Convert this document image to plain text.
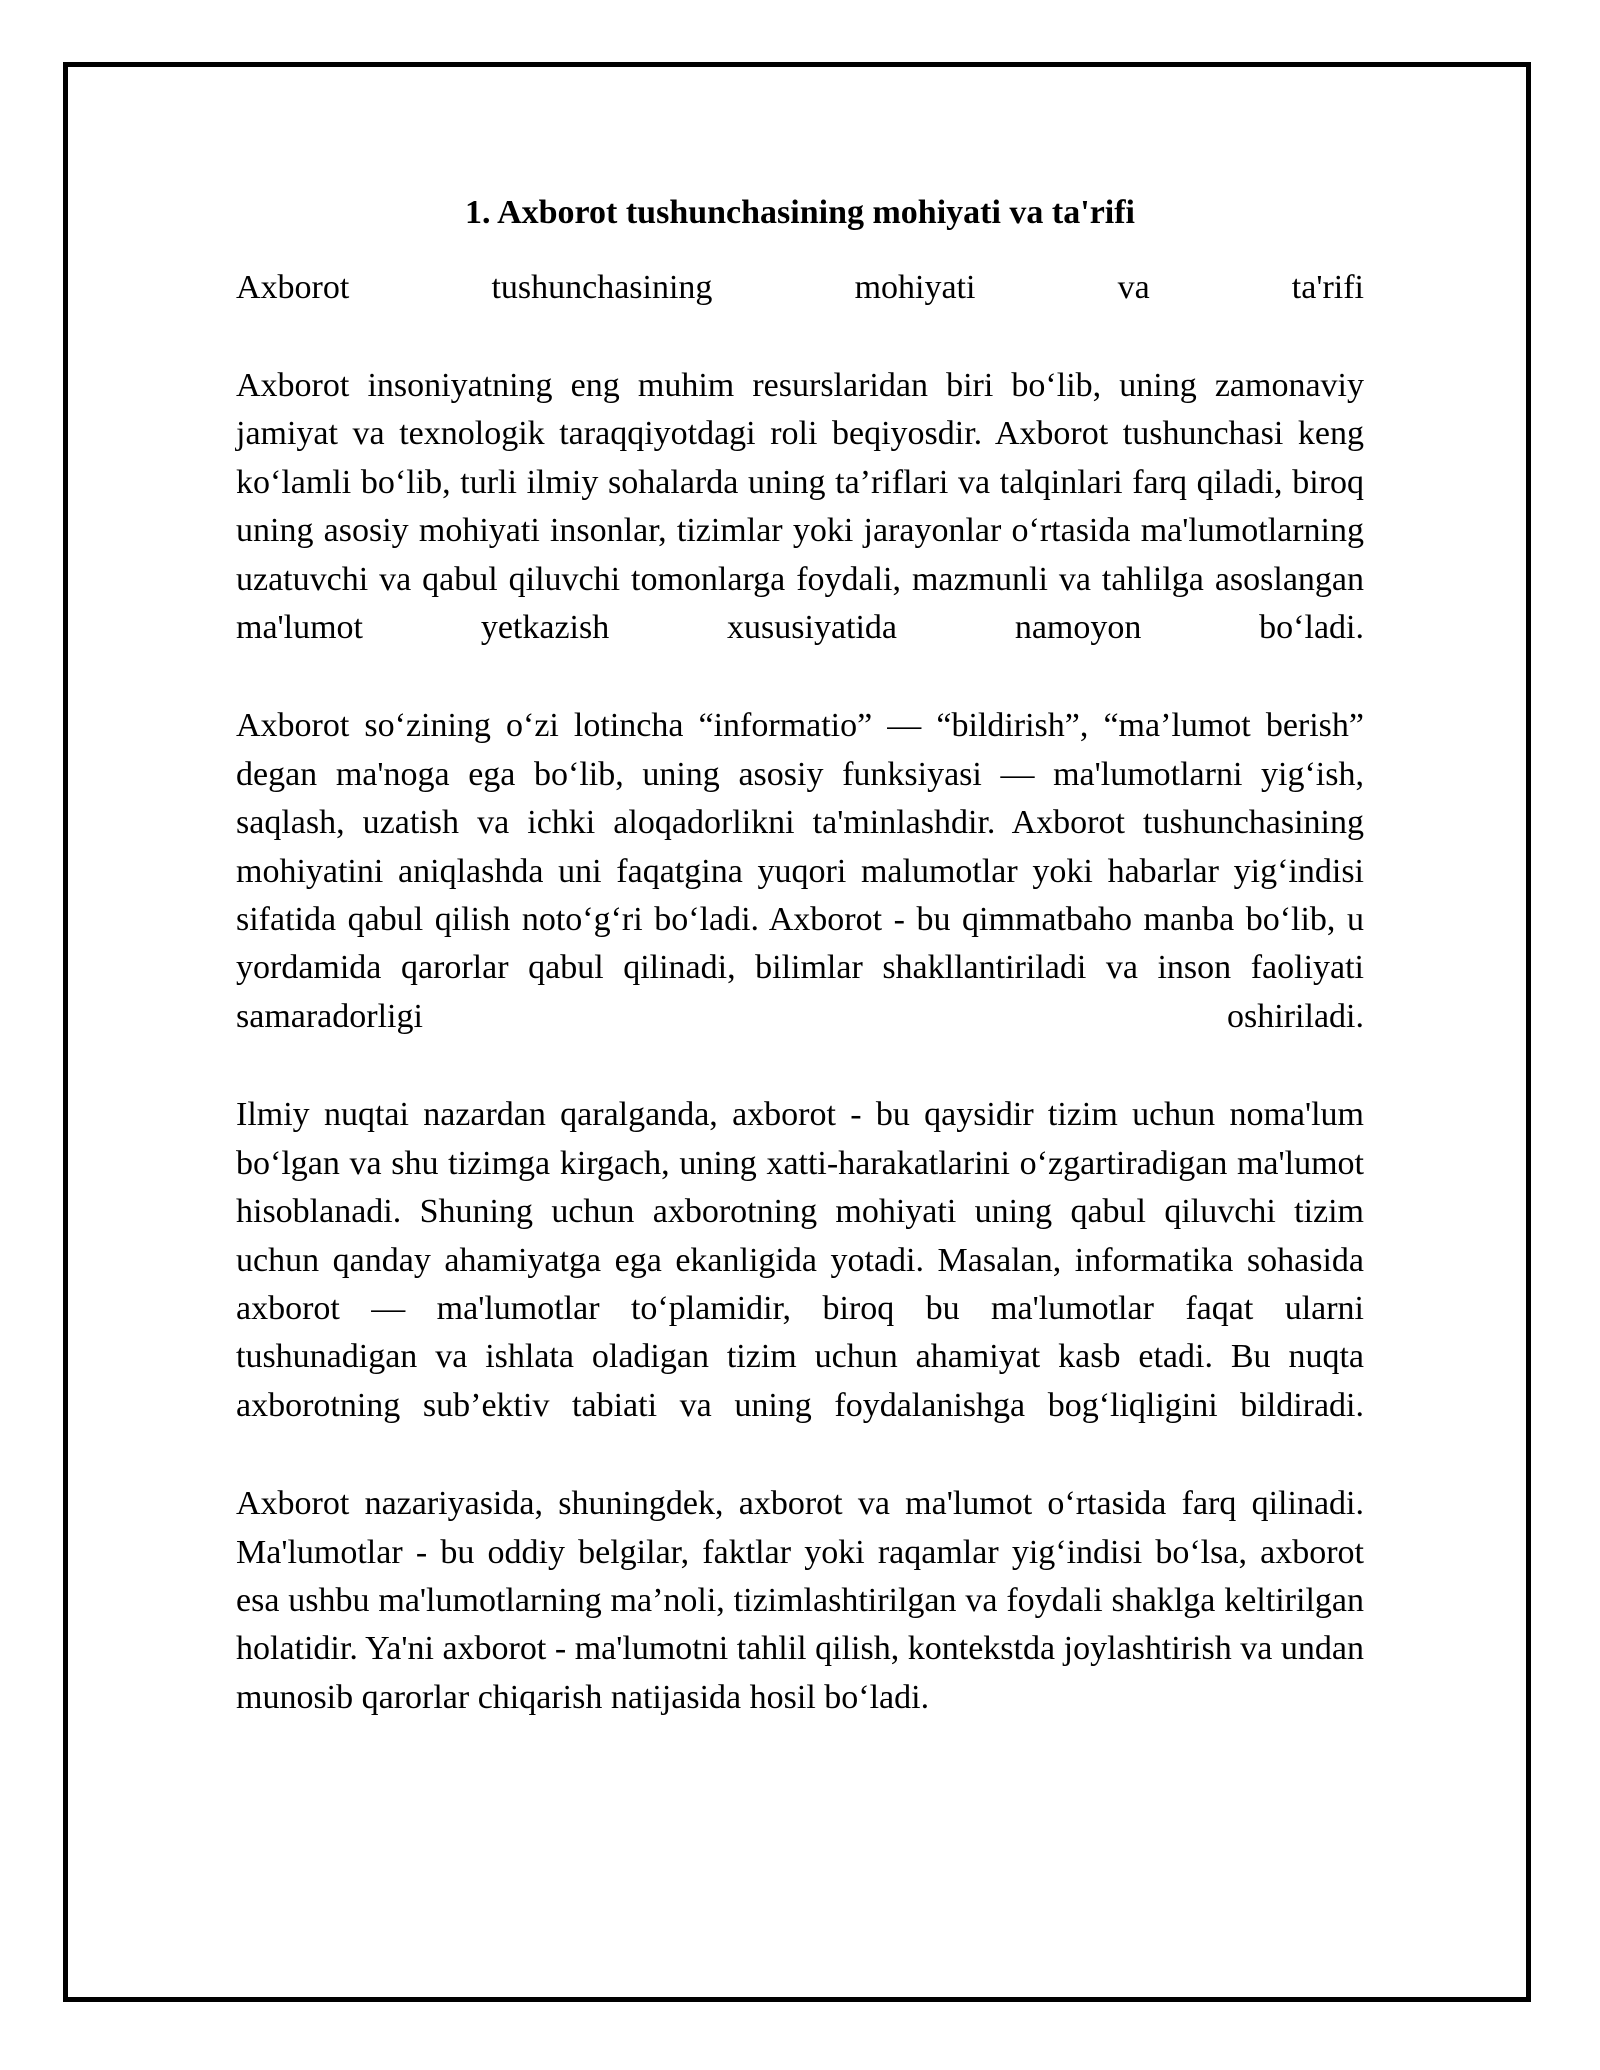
1. Axborot tushunchasining mohiyati va ta'rifi

Axborot tushunchasining mohiyati va ta'rifi

Axborot insoniyatning eng muhim resurslaridan biri bo‘lib, uning zamonaviy jamiyat va texnologik taraqqiyotdagi roli beqiyosdir. Axborot tushunchasi keng ko‘lamli bo‘lib, turli ilmiy sohalarda uning ta’riflari va talqinlari farq qiladi, biroq uning asosiy mohiyati insonlar, tizimlar yoki jarayonlar o‘rtasida ma'lumotlarning uzatuvchi va qabul qiluvchi tomonlarga foydali, mazmunli va tahlilga asoslangan ma'lumot yetkazish xususiyatida namoyon bo‘ladi.

Axborot so‘zining o‘zi lotincha “informatio” — “bildirish”, “ma’lumot berish” degan ma'noga ega bo‘lib, uning asosiy funksiyasi — ma'lumotlarni yig‘ish, saqlash, uzatish va ichki aloqadorlikni ta'minlashdir. Axborot tushunchasining mohiyatini aniqlashda uni faqatgina yuqori malumotlar yoki habarlar yig‘indisi sifatida qabul qilish noto‘g‘ri bo‘ladi. Axborot - bu qimmatbaho manba bo‘lib, u yordamida qarorlar qabul qilinadi, bilimlar shakllantiriladi va inson faoliyati samaradorligi oshiriladi.

Ilmiy nuqtai nazardan qaralganda, axborot - bu qaysidir tizim uchun noma'lum bo‘lgan va shu tizimga kirgach, uning xatti-harakatlarini o‘zgartiradigan ma'lumot hisoblanadi. Shuning uchun axborotning mohiyati uning qabul qiluvchi tizim uchun qanday ahamiyatga ega ekanligida yotadi. Masalan, informatika sohasida axborot — ma'lumotlar to‘plamidir, biroq bu ma'lumotlar faqat ularni tushunadigan va ishlata oladigan tizim uchun ahamiyat kasb etadi. Bu nuqta axborotning sub’ektiv tabiati va uning foydalanishga bog‘liqligini bildiradi.

Axborot nazariyasida, shuningdek, axborot va ma'lumot o‘rtasida farq qilinadi. Ma'lumotlar - bu oddiy belgilar, faktlar yoki raqamlar yig‘indisi bo‘lsa, axborot esa ushbu ma'lumotlarning ma’noli, tizimlashtirilgan va foydali shaklga keltirilgan holatidir. Ya'ni axborot - ma'lumotni tahlil qilish, kontekstda joylashtirish va undan munosib qarorlar chiqarish natijasida hosil bo‘ladi.
